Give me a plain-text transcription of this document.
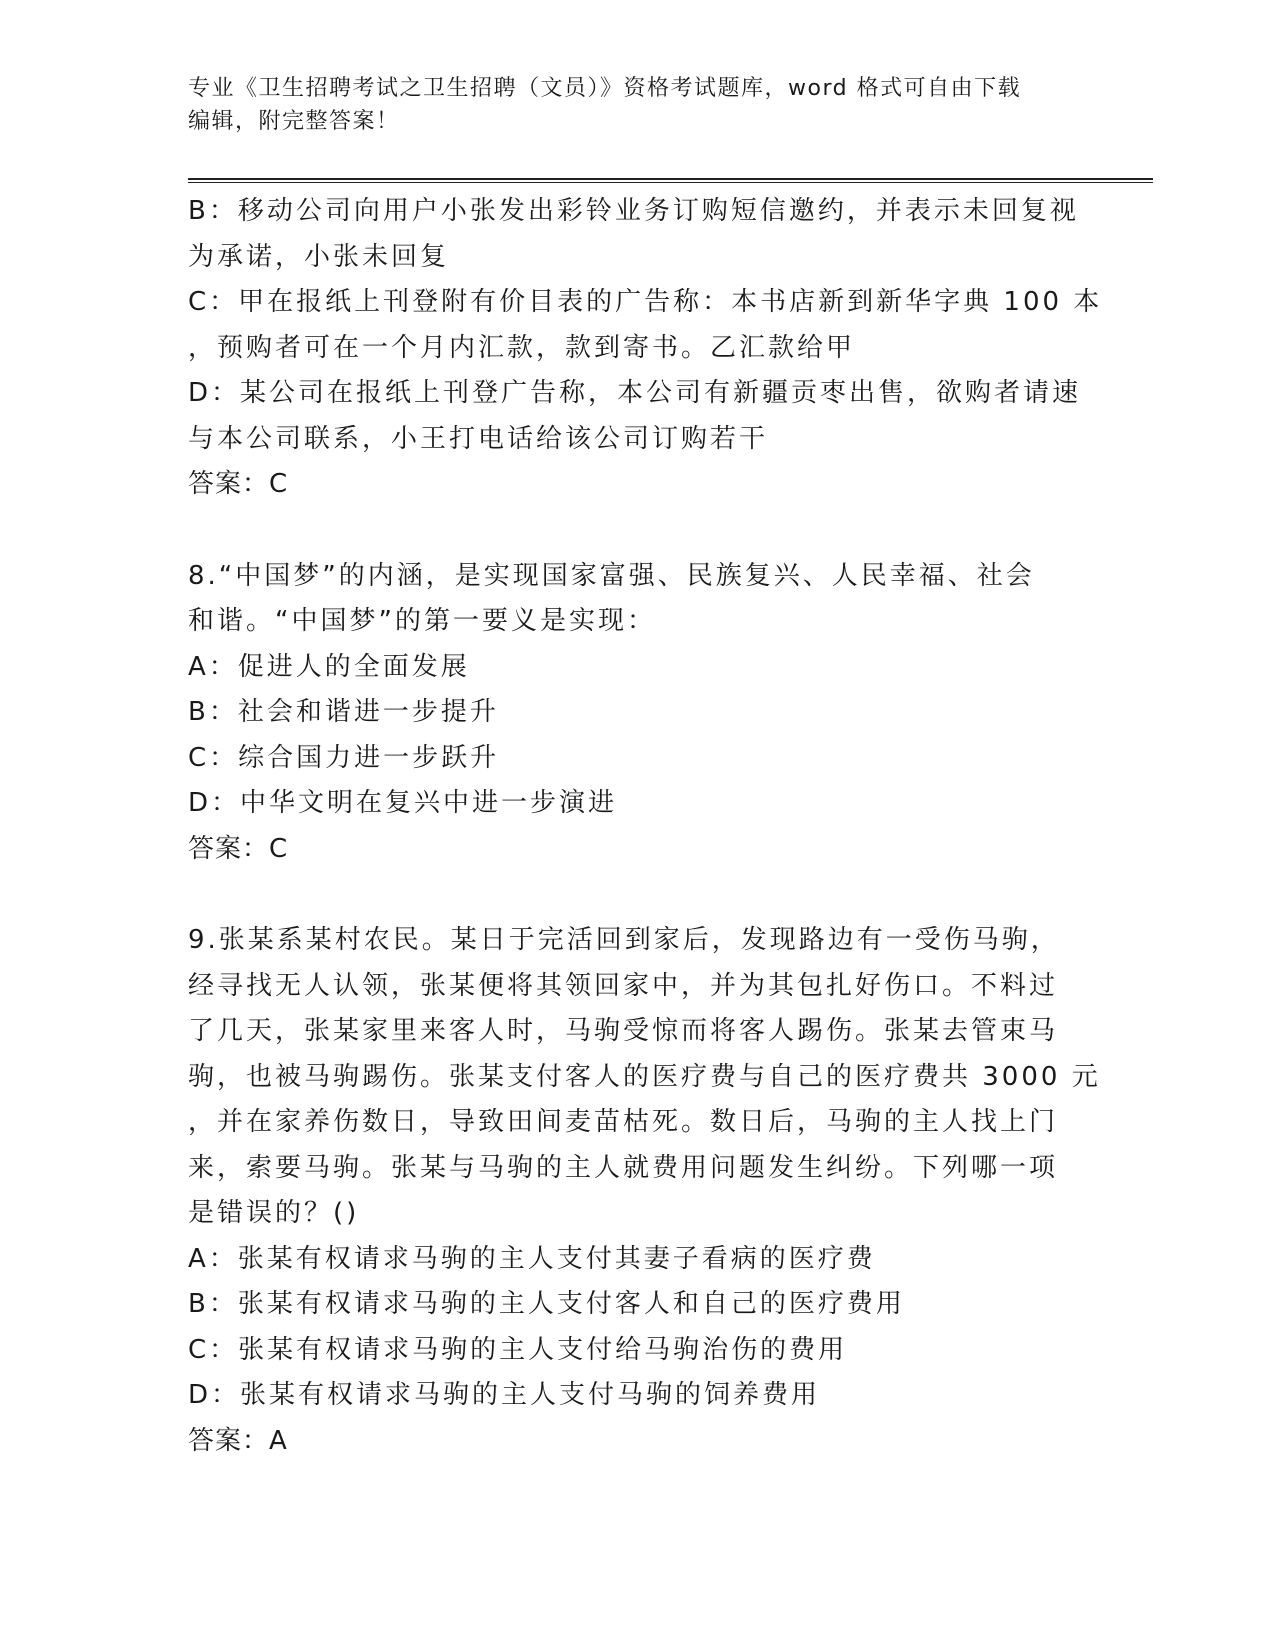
专业《卫生招聘考试之卫生招聘（文员）》资格考试题库，word 格式可自由下载
编辑，附完整答案！
B：移动公司向用户小张发出彩铃业务订购短信邀约，并表示未回复视
为承诺，小张未回复
C：甲在报纸上刊登附有价目表的广告称：本书店新到新华字典 100 本
，预购者可在一个月内汇款，款到寄书。乙汇款给甲
D：某公司在报纸上刊登广告称，本公司有新疆贡枣出售，欲购者请速
与本公司联系，小王打电话给该公司订购若干
答案：C
8.“中国梦”的内涵，是实现国家富强、民族复兴、人民幸福、社会
和谐。“中国梦”的第一要义是实现：
A：促进人的全面发展
B：社会和谐进一步提升
C：综合国力进一步跃升
D：中华文明在复兴中进一步演进
答案：C
9.张某系某村农民。某日于完活回到家后，发现路边有一受伤马驹，
经寻找无人认领，张某便将其领回家中，并为其包扎好伤口。不料过
了几天，张某家里来客人时，马驹受惊而将客人踢伤。张某去管束马
驹，也被马驹踢伤。张某支付客人的医疗费与自己的医疗费共 3000 元
，并在家养伤数日，导致田间麦苗枯死。数日后，马驹的主人找上门
来，索要马驹。张某与马驹的主人就费用问题发生纠纷。下列哪一项
是错误的？()
A：张某有权请求马驹的主人支付其妻子看病的医疗费
B：张某有权请求马驹的主人支付客人和自己的医疗费用
C：张某有权请求马驹的主人支付给马驹治伤的费用
D：张某有权请求马驹的主人支付马驹的饲养费用
答案：A
